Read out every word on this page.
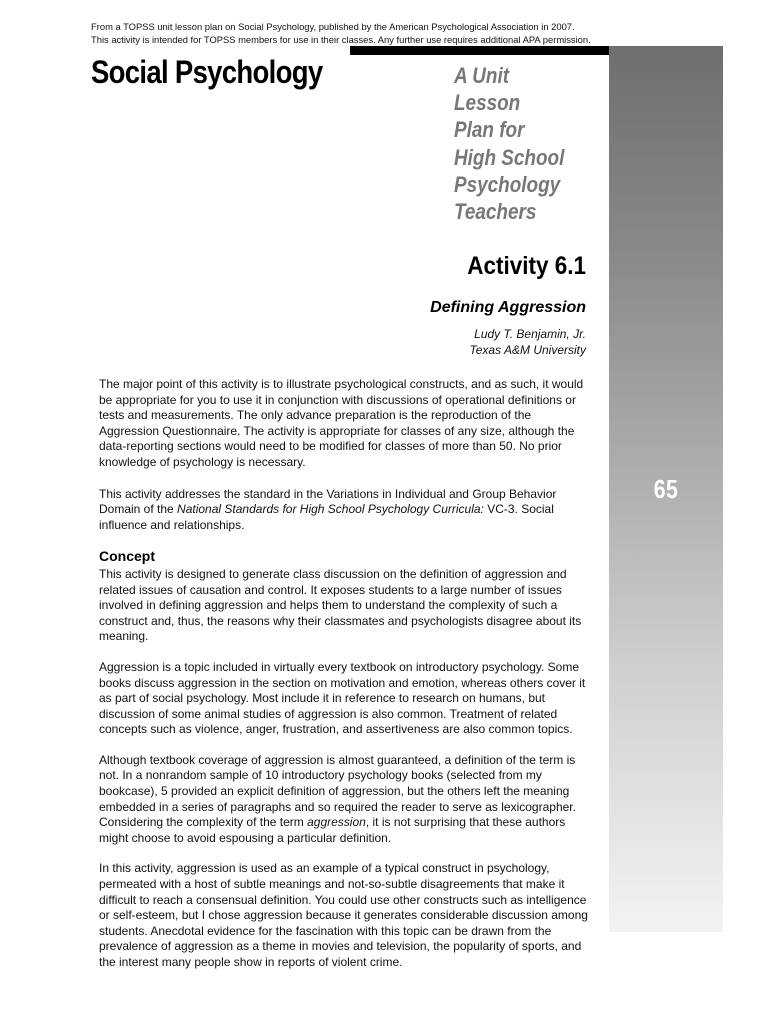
From a TOPSS unit lesson plan on Social Psychology, published by the American Psychological Association in 2007.
This activity is intended for TOPSS members for use in their classes. Any further use requires additional APA permission.
65
Social Psychology	A Unit
Lesson
Plan for
High School
Psychology
Teachers
Activity 6.1
Defining Aggression
Ludy T. Benjamin, Jr.
Texas A&M University

The major point of this activity is to illustrate psychological constructs, and as such, it would be appropriate for you to use it in conjunction with discussions of operational definitions or tests and measurements. The only advance preparation is the reproduction of the Aggression Questionnaire. The activity is appropriate for classes of any size, although the data-reporting sections would need to be modified for classes of more than 50. No prior knowledge of psychology is necessary.

This activity addresses the standard in the Variations in Individual and Group Behavior Domain of the National Standards for High School Psychology Curricula: VC-3. Social influence and relationships.

Concept

This activity is designed to generate class discussion on the definition of aggression and related issues of causation and control. It exposes students to a large number of issues involved in defining aggression and helps them to understand the complexity of such a construct and, thus, the reasons why their classmates and psychologists disagree about its meaning.

Aggression is a topic included in virtually every textbook on introductory psychology. Some books discuss aggression in the section on motivation and emotion, whereas others cover it as part of social psychology. Most include it in reference to research on humans, but discussion of some animal studies of aggression is also common. Treatment of related concepts such as violence, anger, frustration, and assertiveness are also common topics.

Although textbook coverage of aggression is almost guaranteed, a definition of the term is not. In a nonrandom sample of 10 introductory psychology books (selected from my bookcase), 5 provided an explicit definition of aggression, but the others left the meaning embedded in a series of paragraphs and so required the reader to serve as lexicographer. Considering the complexity of the term aggression, it is not surprising that these authors might choose to avoid espousing a particular definition.

In this activity, aggression is used as an example of a typical construct in psychology, permeated with a host of subtle meanings and not-so-subtle disagreements that make it difficult to reach a consensual definition. You could use other constructs such as intelligence or self-esteem, but I chose aggression because it generates considerable discussion among students. Anecdotal evidence for the fascination with this topic can be drawn from the prevalence of aggression as a theme in movies and television, the popularity of sports, and the interest many people show in reports of violent crime.
